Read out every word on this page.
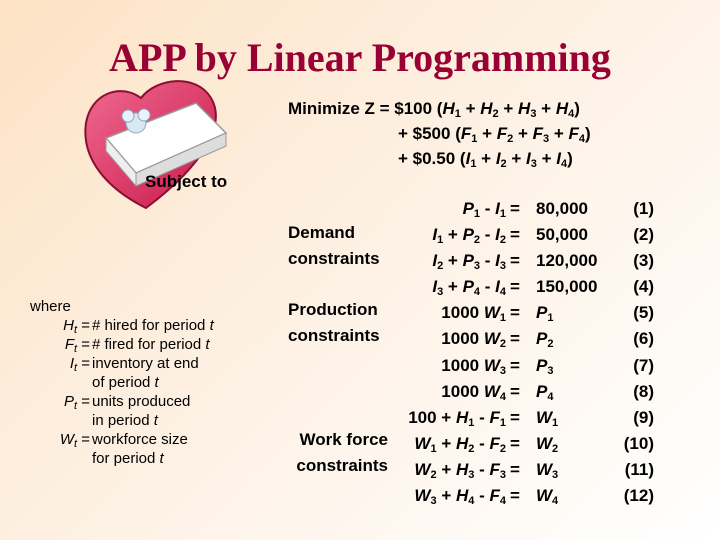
APP by Linear Programming
Minimize Z = $100 $(H_1 + H_2 + H_3 + H_4)$
+ $500 $(F_1 + F_2 + F_3 + F_4)$
+ $0.50 $(I_1 + I_2 + I_3 + I_4)$
Subject to
Demand constraints
Production constraints
Work force constraints
$P_1 - I_1$
$I_1 + P_2 - I_2$
$I_2 + P_3 - I_3$
$I_3 + P_4 - I_4$
1000 $W_1$
1000 $W_2$
1000 $W_3$
1000 $W_4$
$100 + H_1 - F_1$
$W_1 + H_2 - F_2$
$W_2 + H_3 - F_3$
$W_3 + H_4 - F_4$
= 80,000
= 50,000
= 120,000
= 150,000
= $P_1$
= $P_2$
= $P_3$
= $P_4$
= $W_1$
= $W_2$
= $W_3$
= $W_4$
(1)
(2)
(3)
(4)
(5)
(6)
(7)
(8)
(9)
(10)
(11)
(12)
where
$H_t$ = # hired for period t
$F_t$ = # fired for period t
$I_t$ = inventory at end
of period t
$P_t$ = units produced
in period t
$W_t$ = workforce size
for period t
